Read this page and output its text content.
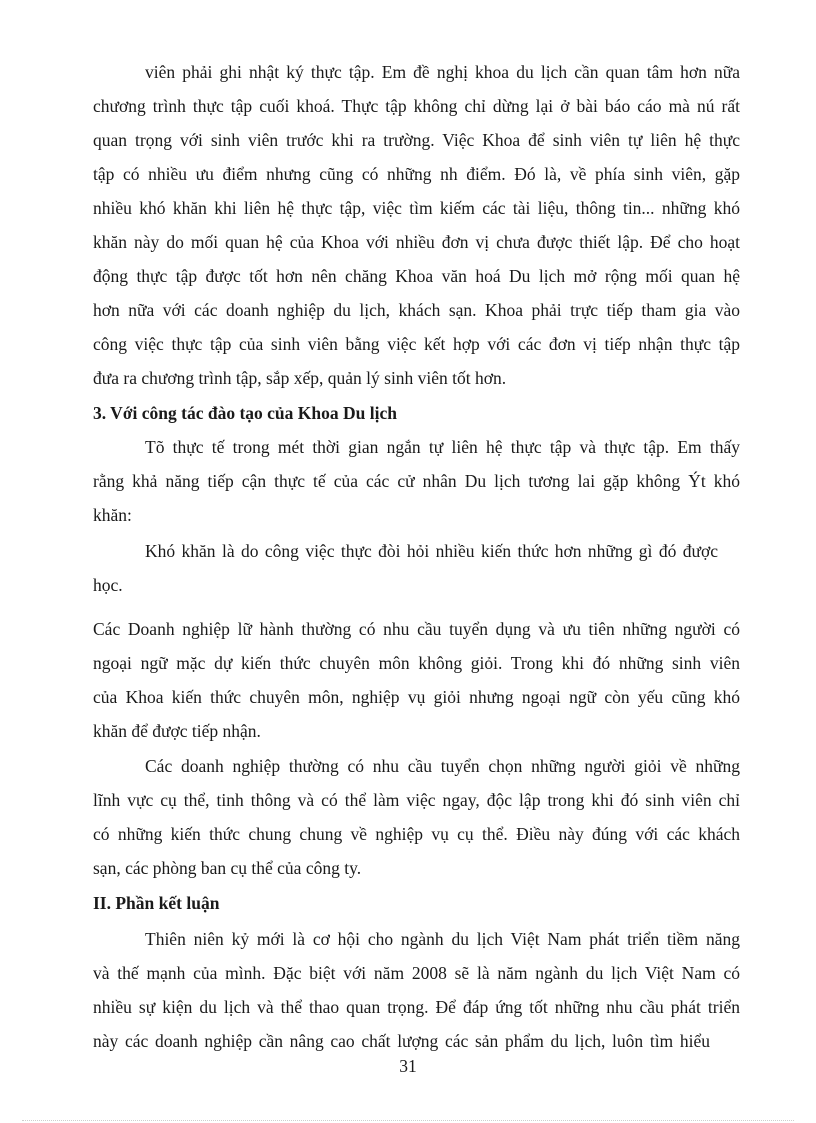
viên phải ghi nhật ký thực tập. Em đề nghị khoa du lịch cần quan tâm hơn nữa
chương trình thực tập cuối khoá. Thực tập không chỉ dừng lại ở bài báo cáo mà nú rất
quan trọng với sinh viên trước khi ra trường. Việc Khoa để sinh viên tự liên hệ thực
tập có nhiều ưu điểm nhưng cũng có những nh điểm. Đó là, về phía sinh viên, gặp
nhiều khó khăn khi liên hệ thực tập, việc tìm kiếm các tài liệu, thông tin... những khó
khăn này do mối quan hệ của Khoa với nhiều đơn vị chưa được thiết lập. Để cho hoạt
động thực tập được tốt hơn nên chăng Khoa văn hoá Du lịch mở rộng mối quan hệ
hơn nữa với các doanh nghiệp du lịch, khách sạn. Khoa phải trực tiếp tham gia vào
công việc thực tập của sinh viên bằng việc kết hợp với các đơn vị tiếp nhận thực tập
đưa ra chương trình tập, sắp xếp, quản lý sinh viên tốt hơn.
3. Với công tác đào tạo của Khoa Du lịch
Tõ thực tế trong mét thời gian ngắn tự liên hệ thực tập và thực tập. Em thấy
rằng khả năng tiếp cận thực tế của các cử nhân Du lịch tương lai gặp không Ýt khó
khăn:
Khó khăn là do công việc thực đòi hỏi nhiều kiến thức hơn những gì đó được
học.
Các Doanh nghiệp lữ hành thường có nhu cầu tuyển dụng và ưu tiên những người có
ngoại ngữ mặc dự kiến thức chuyên môn không giỏi. Trong khi đó những sinh viên
của Khoa kiến thức chuyên môn, nghiệp vụ giỏi nhưng ngoại ngữ còn yếu cũng khó
khăn để được tiếp nhận.
Các doanh nghiệp thường có nhu cầu tuyển chọn những người giỏi về những
lĩnh vực cụ thể, tinh thông và có thể làm việc ngay, độc lập trong khi đó sinh viên chỉ
có những kiến thức chung chung về nghiệp vụ cụ thể. Điều này đúng với các khách
sạn, các phòng ban cụ thể của công ty.
II. Phần kết luận
Thiên niên kỷ mới là cơ hội cho ngành du lịch Việt Nam phát triển tiềm năng
và thế mạnh của mình. Đặc biệt với năm 2008 sẽ là năm ngành du lịch Việt Nam có
nhiều sự kiện du lịch và thể thao quan trọng. Để đáp ứng tốt những nhu cầu phát triển
này các doanh nghiệp cần nâng cao chất lượng các sản phẩm du lịch, luôn tìm hiểu
31
